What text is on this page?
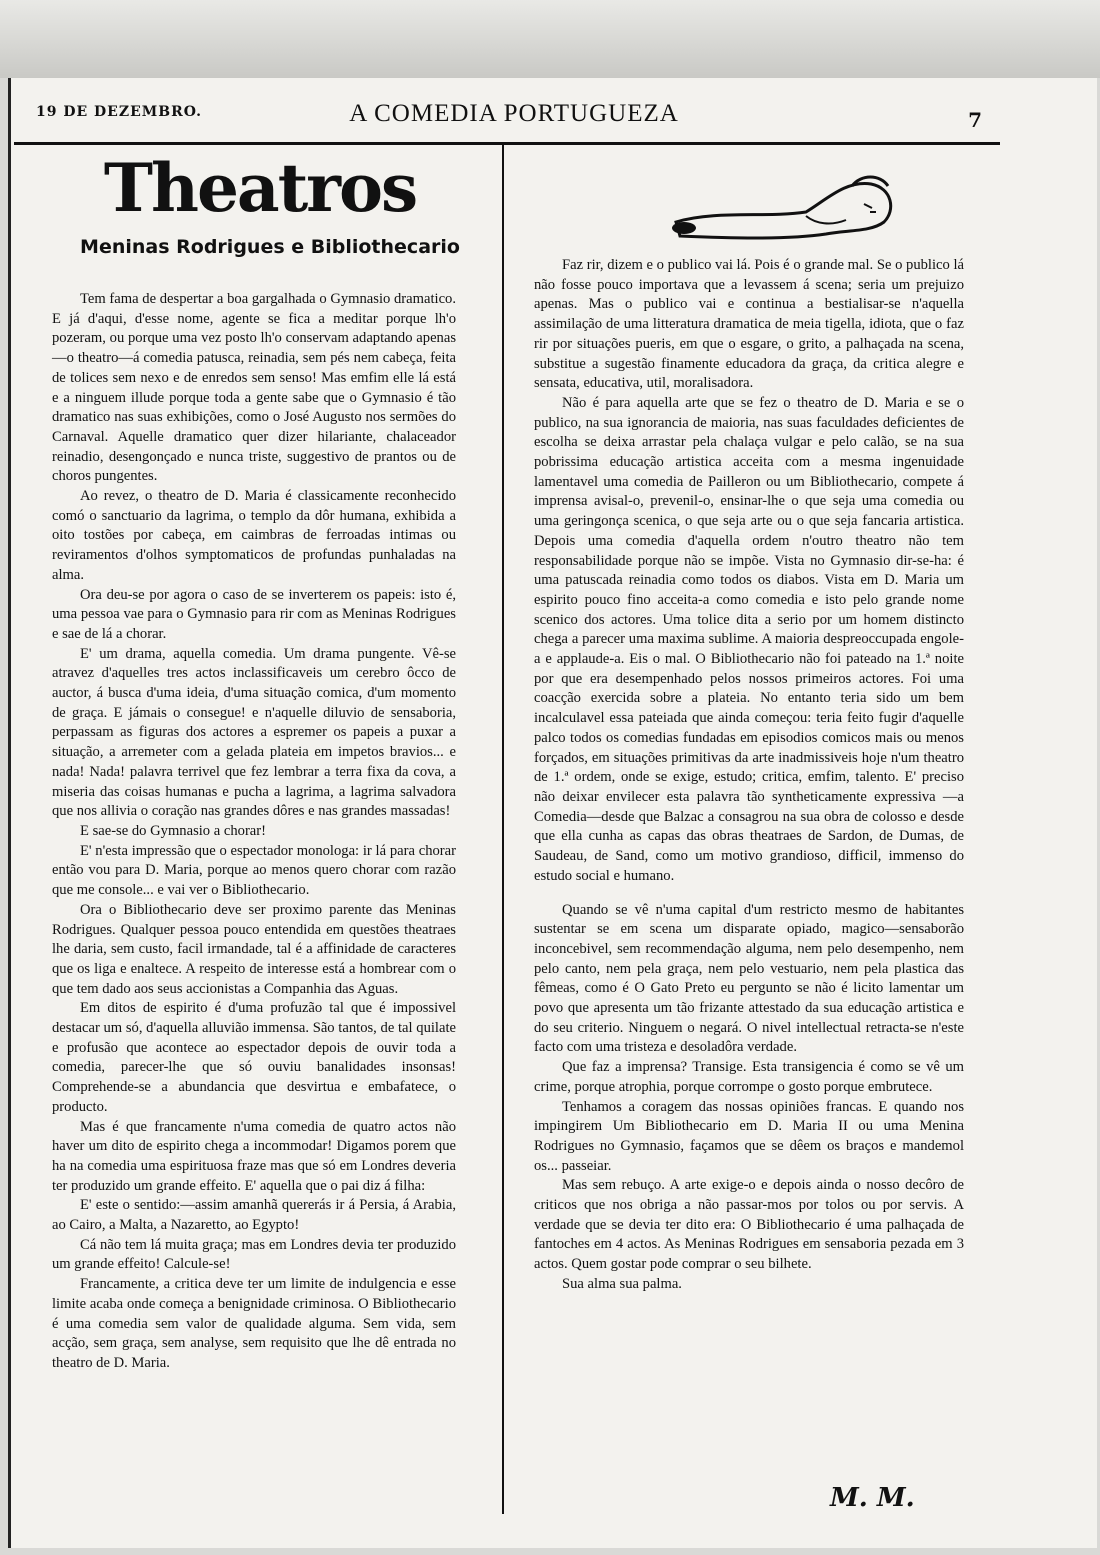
19 DE DEZEMBRO.	A COMEDIA PORTUGUEZA	7
Theatros
Meninas Rodrigues e Bibliothecario

Tem fama de despertar a boa gargalhada o Gymnasio dramatico. E já d'aqui, d'esse nome, agente se fica a meditar porque lh'o pozeram, ou porque uma vez posto lh'o conservam adaptando apenas—o theatro—á comedia patusca, reinadia, sem pés nem cabeça, feita de tolices sem nexo e de enredos sem senso! Mas emfim elle lá está e a ninguem illude porque toda a gente sabe que o Gymnasio é tão dramatico nas suas exhibições, como o José Augusto nos sermões do Carnaval. Aquelle dramatico quer dizer hilariante, chalaceador reinadio, desengonçado e nunca triste, suggestivo de prantos ou de choros pungentes.

Ao revez, o theatro de D. Maria é classicamente reconhecido comó o sanctuario da lagrima, o templo da dôr humana, exhibida a oito tostões por cabeça, em caimbras de ferroadas intimas ou reviramentos d'olhos symptomaticos de profundas punhaladas na alma.

Ora deu-se por agora o caso de se inverterem os papeis: isto é, uma pessoa vae para o Gymnasio para rir com as Meninas Rodrigues e sae de lá a chorar.

E' um drama, aquella comedia. Um drama pungente. Vê-se atravez d'aquelles tres actos inclassificaveis um cerebro ôcco de auctor, á busca d'uma ideia, d'uma situação comica, d'um momento de graça. E jámais o consegue! e n'aquelle diluvio de sensaboria, perpassam as figuras dos actores a espremer os papeis a puxar a situação, a arremeter com a gelada plateia em impetos bravios... e nada! Nada! palavra terrivel que fez lembrar a terra fixa da cova, a miseria das coisas humanas e pucha a lagrima, a lagrima salvadora que nos allivia o coração nas grandes dôres e nas grandes massadas!

E sae-se do Gymnasio a chorar!

E' n'esta impressão que o espectador monologa: ir lá para chorar então vou para D. Maria, porque ao menos quero chorar com razão que me console... e vai ver o Bibliothecario.

Ora o Bibliothecario deve ser proximo parente das Meninas Rodrigues. Qualquer pessoa pouco entendida em questões theatraes lhe daria, sem custo, facil irmandade, tal é a affinidade de caracteres que os liga e enaltece. A respeito de interesse está a hombrear com o que tem dado aos seus accionistas a Companhia das Aguas.

Em ditos de espirito é d'uma profuzão tal que é impossivel destacar um só, d'aquella alluvião immensa. São tantos, de tal quilate e profusão que acontece ao espectador depois de ouvir toda a comedia, parecer-lhe que só ouviu banalidades insonsas! Comprehende-se a abundancia que desvirtua e embafatece, o producto.

Mas é que francamente n'uma comedia de quatro actos não haver um dito de espirito chega a incommodar! Digamos porem que ha na comedia uma espirituosa fraze mas que só em Londres deveria ter produzido um grande effeito. E' aquella que o pai diz á filha:

E' este o sentido:—assim amanhã quererás ir á Persia, á Arabia, ao Cairo, a Malta, a Nazaretto, ao Egypto!

Cá não tem lá muita graça; mas em Londres devia ter produzido um grande effeito! Calcule-se!

Francamente, a critica deve ter um limite de indulgencia e esse limite acaba onde começa a benignidade criminosa. O Bibliothecario é uma comedia sem valor de qualidade alguma. Sem vida, sem acção, sem graça, sem analyse, sem requisito que lhe dê entrada no theatro de D. Maria.

Faz rir, dizem e o publico vai lá. Pois é o grande mal. Se o publico lá não fosse pouco importava que a levassem á scena; seria um prejuizo apenas. Mas o publico vai e continua a bestialisar-se n'aquella assimilação de uma litteratura dramatica de meia tigella, idiota, que o faz rir por situações pueris, em que o esgare, o grito, a palhaçada na scena, substitue a sugestão finamente educadora da graça, da critica alegre e sensata, educativa, util, moralisadora.

Não é para aquella arte que se fez o theatro de D. Maria e se o publico, na sua ignorancia de maioria, nas suas faculdades deficientes de escolha se deixa arrastar pela chalaça vulgar e pelo calão, se na sua pobrissima educação artistica acceita com a mesma ingenuidade lamentavel uma comedia de Pailleron ou um Bibliothecario, compete á imprensa avisal-o, prevenil-o, ensinar-lhe o que seja uma comedia ou uma geringonça scenica, o que seja arte ou o que seja fancaria artistica. Depois uma comedia d'aquella ordem n'outro theatro não tem responsabilidade porque não se impõe. Vista no Gymnasio dir-se-ha: é uma patuscada reinadia como todos os diabos. Vista em D. Maria um espirito pouco fino acceita-a como comedia e isto pelo grande nome scenico dos actores. Uma tolice dita a serio por um homem distincto chega a parecer uma maxima sublime. A maioria despreoccupada engole-a e applaude-a. Eis o mal. O Bibliothecario não foi pateado na 1.ª noite por que era desempenhado pelos nossos primeiros actores. Foi uma coacção exercida sobre a plateia. No entanto teria sido um bem incalculavel essa pateiada que ainda começou: teria feito fugir d'aquelle palco todos os comedias fundadas em episodios comicos mais ou menos forçados, em situações primitivas da arte inadmissiveis hoje n'um theatro de 1.ª ordem, onde se exige, estudo; critica, emfim, talento. E' preciso não deixar envilecer esta palavra tão syntheticamente expressiva —a Comedia—desde que Balzac a consagrou na sua obra de colosso e desde que ella cunha as capas das obras theatraes de Sardon, de Dumas, de Saudeau, de Sand, como um motivo grandioso, difficil, immenso do estudo social e humano.

Quando se vê n'uma capital d'um restricto mesmo de habitantes sustentar se em scena um disparate opiado, magico—sensaborão inconcebivel, sem recommendação alguma, nem pelo desempenho, nem pelo canto, nem pela graça, nem pelo vestuario, nem pela plastica das fêmeas, como é O Gato Preto eu pergunto se não é licito lamentar um povo que apresenta um tão frizante attestado da sua educação artistica e do seu criterio. Ninguem o negará. O nivel intellectual retracta-se n'este facto com uma tristeza e desoladôra verdade.

Que faz a imprensa? Transige. Esta transigencia é como se vê um crime, porque atrophia, porque corrompe o gosto porque embrutece.

Tenhamos a coragem das nossas opiniões francas. E quando nos impingirem Um Bibliothecario em D. Maria II ou uma Menina Rodrigues no Gymnasio, façamos que se dêem os braços e mandemol os... passeiar.

Mas sem rebuço. A arte exige-o e depois ainda o nosso decôro de criticos que nos obriga a não passar-mos por tolos ou por servis. A verdade que se devia ter dito era: O Bibliothecario é uma palhaçada de fantoches em 4 actos. As Meninas Rodrigues em sensaboria pezada em 3 actos. Quem gostar pode comprar o seu bilhete.

Sua alma sua palma.

M. M.
